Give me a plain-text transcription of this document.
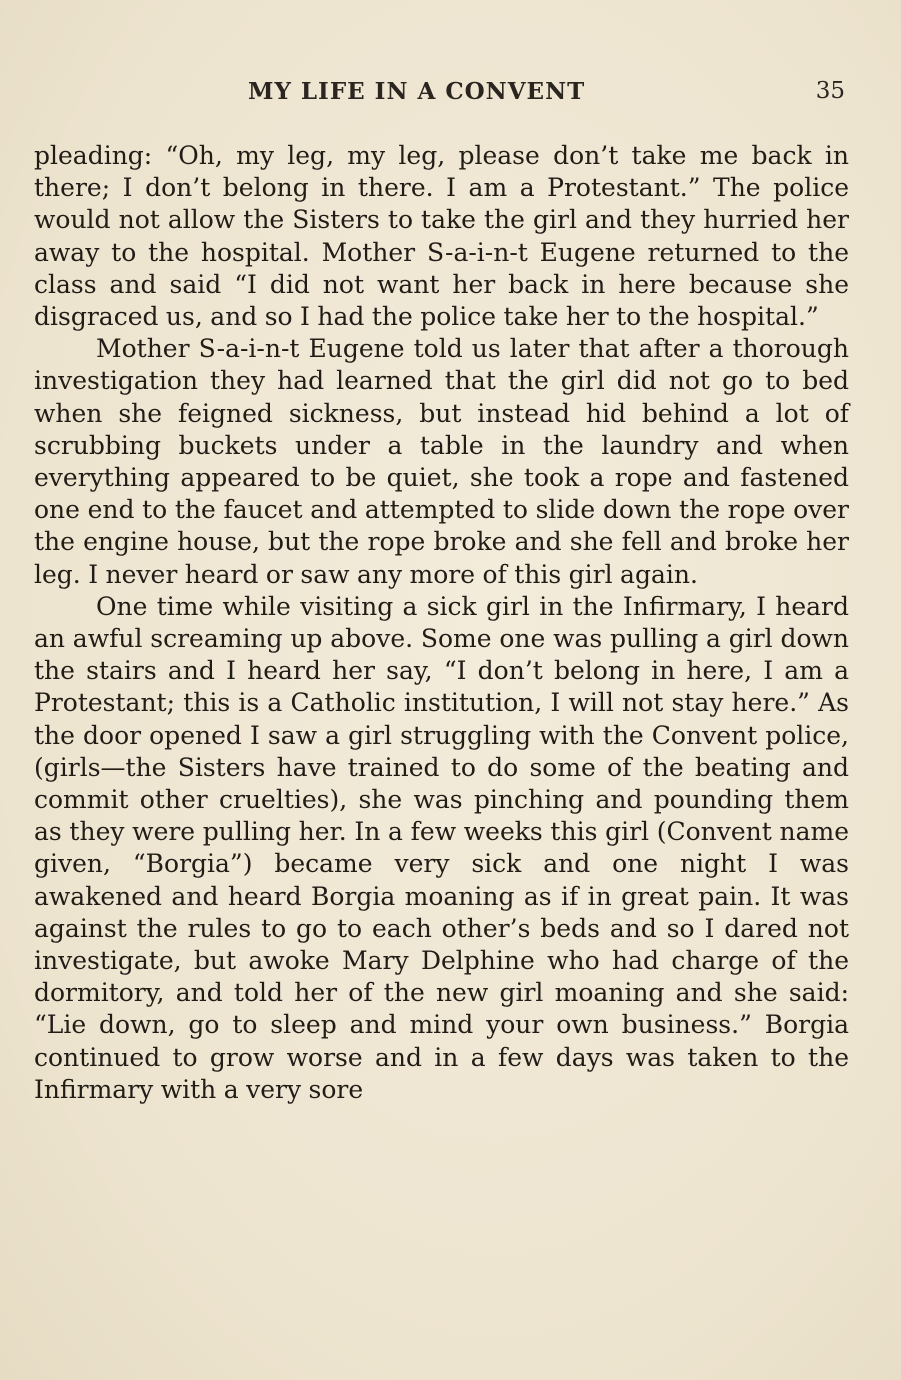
MY LIFE IN A CONVENT	35

pleading: “Oh, my leg, my leg, please don’t take me back in there; I don’t belong in there. I am a Protestant.” The police would not allow the Sisters to take the girl and they hurried her away to the hospital. Mother S-a-i-n-t Eugene returned to the class and said “I did not want her back in here because she disgraced us, and so I had the police take her to the hospital.”

Mother S-a-i-n-t Eugene told us later that after a thorough investigation they had learned that the girl did not go to bed when she feigned sickness, but instead hid behind a lot of scrubbing buckets under a table in the laundry and when everything appeared to be quiet, she took a rope and fastened one end to the faucet and attempted to slide down the rope over the engine house, but the rope broke and she fell and broke her leg. I never heard or saw any more of this girl again.

One time while visiting a sick girl in the Infirmary, I heard an awful screaming up above. Some one was pulling a girl down the stairs and I heard her say, “I don’t belong in here, I am a Protestant; this is a Catholic institution, I will not stay here.” As the door opened I saw a girl struggling with the Convent police, (girls—the Sisters have trained to do some of the beating and commit other cruelties), she was pinching and pounding them as they were pulling her. In a few weeks this girl (Convent name given, “Borgia”) became very sick and one night I was awakened and heard Borgia moaning as if in great pain. It was against the rules to go to each other’s beds and so I dared not investigate, but awoke Mary Delphine who had charge of the dormitory, and told her of the new girl moaning and she said: “Lie down, go to sleep and mind your own business.” Borgia continued to grow worse and in a few days was taken to the Infirmary with a very sore
